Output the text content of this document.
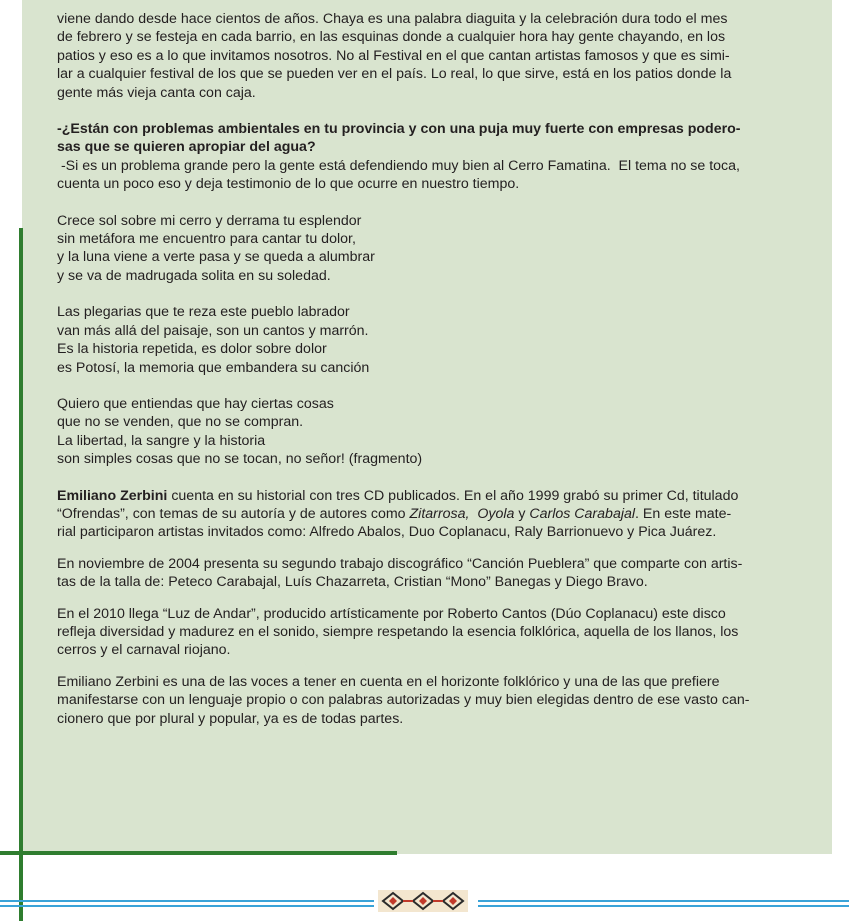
viene dando desde hace cientos de años. Chaya es una palabra diaguita y la celebración dura todo el mes
de febrero y se festeja en cada barrio, en las esquinas donde a cualquier hora hay gente chayando, en los
patios y eso es a lo que invitamos nosotros. No al Festival en el que cantan artistas famosos y que es simi-
lar a cualquier festival de los que se pueden ver en el país. Lo real, lo que sirve, está en los patios donde la
gente más vieja canta con caja.

-¿Están con problemas ambientales en tu provincia y con una puja muy fuerte con empresas podero-
sas que se quieren apropiar del agua?

-Si es un problema grande pero la gente está defendiendo muy bien al Cerro Famatina.  El tema no se toca,
cuenta un poco eso y deja testimonio de lo que ocurre en nuestro tiempo.

Crece sol sobre mi cerro y derrama tu esplendor
sin metáfora me encuentro para cantar tu dolor,
y la luna viene a verte pasa y se queda a alumbrar
y se va de madrugada solita en su soledad.

Las plegarias que te reza este pueblo labrador
van más allá del paisaje, son un cantos y marrón.
Es la historia repetida, es dolor sobre dolor
es Potosí, la memoria que embandera su canción

Quiero que entiendas que hay ciertas cosas
que no se venden, que no se compran.
La libertad, la sangre y la historia
son simples cosas que no se tocan, no señor! (fragmento)

Emiliano Zerbini cuenta en su historial con tres CD publicados. En el año 1999 grabó su primer Cd, titulado
“Ofrendas”, con temas de su autoría y de autores como Zitarrosa, Oyola y Carlos Carabajal. En este mate-
rial participaron artistas invitados como: Alfredo Abalos, Duo Coplanacu, Raly Barrionuevo y Pica Juárez.

En noviembre de 2004 presenta su segundo trabajo discográfico “Canción Pueblera” que comparte con artis-
tas de la talla de: Peteco Carabajal, Luís Chazarreta, Cristian “Mono” Banegas y Diego Bravo.

En el 2010 llega “Luz de Andar”, producido artísticamente por Roberto Cantos (Dúo Coplanacu) este disco
refleja diversidad y madurez en el sonido, siempre respetando la esencia folklórica, aquella de los llanos, los
cerros y el carnaval riojano.

Emiliano Zerbini es una de las voces a tener en cuenta en el horizonte folklórico y una de las que prefiere
manifestarse con un lenguaje propio o con palabras autorizadas y muy bien elegidas dentro de ese vasto can-
cionero que por plural y popular, ya es de todas partes.
